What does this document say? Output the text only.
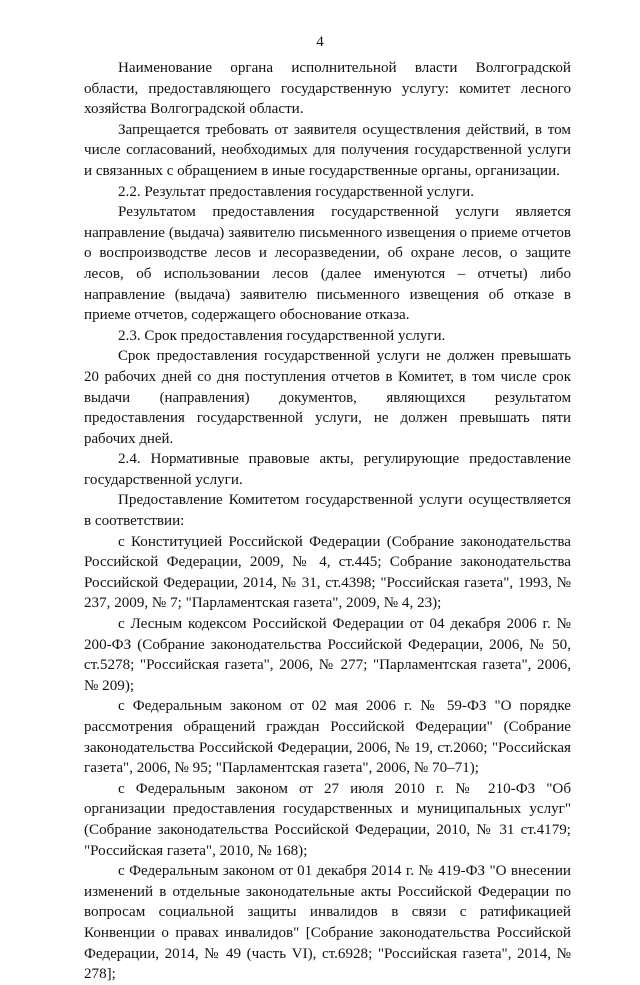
4

Наименование органа исполнительной власти Волгоградской области, предоставляющего государственную услугу: комитет лесного хозяйства Волгоградской области.

Запрещается требовать от заявителя осуществления действий, в том числе согласований, необходимых для получения государственной услуги и связанных с обращением в иные государственные органы, организации.

2.2. Результат предоставления государственной услуги.

Результатом предоставления государственной услуги является направление (выдача) заявителю письменного извещения о приеме отчетов о воспроизводстве лесов и лесоразведении, об охране лесов, о защите лесов, об использовании лесов (далее именуются – отчеты) либо направление (выдача) заявителю письменного извещения об отказе в приеме отчетов, содержащего обоснование отказа.

2.3. Срок предоставления государственной услуги.

Срок предоставления государственной услуги не должен превышать 20 рабочих дней со дня поступления отчетов в Комитет, в том числе срок выдачи (направления) документов, являющихся результатом предоставления государственной услуги, не должен превышать пяти рабочих дней.

2.4. Нормативные правовые акты, регулирующие предоставление государственной услуги.

Предоставление Комитетом государственной услуги осуществляется в соответствии:

с Конституцией Российской Федерации (Собрание законодательства Российской Федерации, 2009, № 4, ст.445; Собрание законодательства Российской Федерации, 2014, № 31, ст.4398; "Российская газета", 1993, № 237, 2009, № 7; "Парламентская газета", 2009, № 4, 23);

с Лесным кодексом Российской Федерации от 04 декабря 2006 г. № 200-ФЗ (Собрание законодательства Российской Федерации, 2006, № 50, ст.5278; "Российская газета", 2006, № 277; "Парламентская газета", 2006, № 209);

с Федеральным законом от 02 мая 2006 г. № 59-ФЗ "О порядке рассмотрения обращений граждан Российской Федерации" (Собрание законодательства Российской Федерации, 2006, № 19, ст.2060; "Российская газета", 2006, № 95; "Парламентская газета", 2006, № 70–71);

с Федеральным законом от 27 июля 2010 г. № 210-ФЗ "Об организации предоставления государственных и муниципальных услуг" (Собрание законодательства Российской Федерации, 2010, № 31 ст.4179; "Российская газета", 2010, № 168);

с Федеральным законом от 01 декабря 2014 г. № 419-ФЗ "О внесении изменений в отдельные законодательные акты Российской Федерации по вопросам социальной защиты инвалидов в связи с ратификацией Конвенции о правах инвалидов" [Собрание законодательства Российской Федерации, 2014, № 49 (часть VI), ст.6928; "Российская газета", 2014, № 278];
